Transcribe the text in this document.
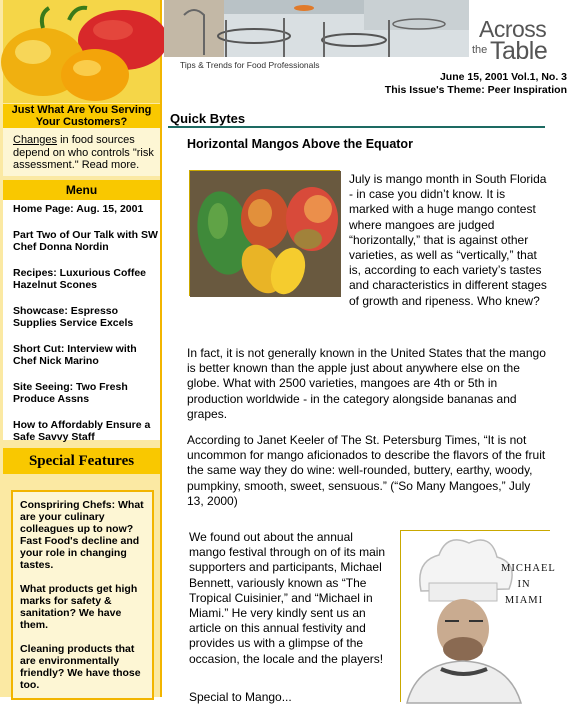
Just What Are You Serving
Your Customers?
Changes in food sources depend on who controls "risk assessment." Read more.
Menu
Home Page: Aug. 15, 2001
Part Two of Our Talk with SW Chef Donna Nordin
Recipes: Luxurious Coffee Hazelnut Scones
Showcase: Espresso Supplies Service Excels
Short Cut: Interview with Chef Nick Marino
Site Seeing: Two Fresh Produce Assns
How to Affordably Ensure a Safe Savvy Staff
Special Features
Conspriring Chefs: What are your culinary colleagues up to now? Fast Food's decline and your role in changing tastes.
What products get high marks for safety & sanitation? We have them.
Cleaning products that are environmentally friendly? We have those too.
Tips & Trends for Food Professionals
Across
the Table
June 15, 2001 Vol.1, No. 3
This Issue's Theme: Peer Inspiration
Quick Bytes
Horizontal Mangos Above the Equator
July is mango month in South Florida - in case you didn’t know. It is marked with a huge mango contest where mangoes are judged “horizontally,” that is against other varieties, as well as “vertically,” that is, according to each variety’s tastes and characteristics in different stages of growth and ripeness. Who knew?
In fact, it is not generally known in the United States that the mango is better known than the apple just about anywhere else on the globe. What with 2500 varieties, mangoes are 4th or 5th in production worldwide - in the category alongside bananas and grapes.
According to Janet Keeler of The St. Petersburg Times, “It is not uncommon for mango aficionados to describe the flavors of the fruit the same way they do wine: well-rounded, buttery, earthy, woody, pumpkiny, smooth, sweet, sensuous.” (“So Many Mangoes,” July 13, 2000)
We found out about the annual mango festival through on of its main supporters and participants, Michael Bennett, variously known as “The Tropical Cuisinier,” and “Michael in Miami.” He very kindly sent us an article on this annual festivity and provides us with a glimpse of the occasion, the locale and the players!
Special to Mango...
MICHAEL
IN
MIAMI
